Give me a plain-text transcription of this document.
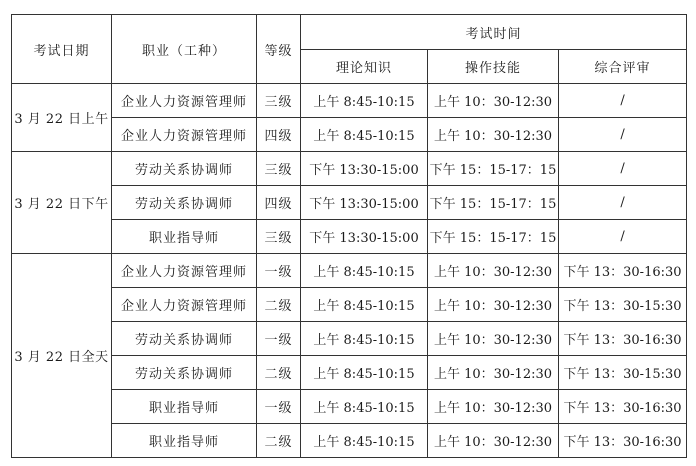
考试日期	职业（工种）	等级	考试时间		
			理论知识	操作技能	综合评审
3 月 22 日上午	企业人力资源管理师	三级	上午 8:45-10:15	上午 10：30-12:30	/
	企业人力资源管理师	四级	上午 8:45-10:15	上午 10：30-12:30	/
3 月 22 日下午	劳动关系协调师	三级	下午 13:30-15:00	下午 15：15-17：15	/
	劳动关系协调师	四级	下午 13:30-15:00	下午 15：15-17：15	/
	职业指导师	三级	下午 13:30-15:00	下午 15：15-17：15	/
3 月 22 日全天	企业人力资源管理师	一级	上午 8:45-10:15	上午 10：30-12:30	下午 13：30-16:30
	企业人力资源管理师	二级	上午 8:45-10:15	上午 10：30-12:30	下午 13：30-15:30
	劳动关系协调师	一级	上午 8:45-10:15	上午 10：30-12:30	下午 13：30-16:30
	劳动关系协调师	二级	上午 8:45-10:15	上午 10：30-12:30	下午 13：30-15:30
	职业指导师	一级	上午 8:45-10:15	上午 10：30-12:30	下午 13：30-16:30
	职业指导师	二级	上午 8:45-10:15	上午 10：30-12:30	下午 13：30-16:30
